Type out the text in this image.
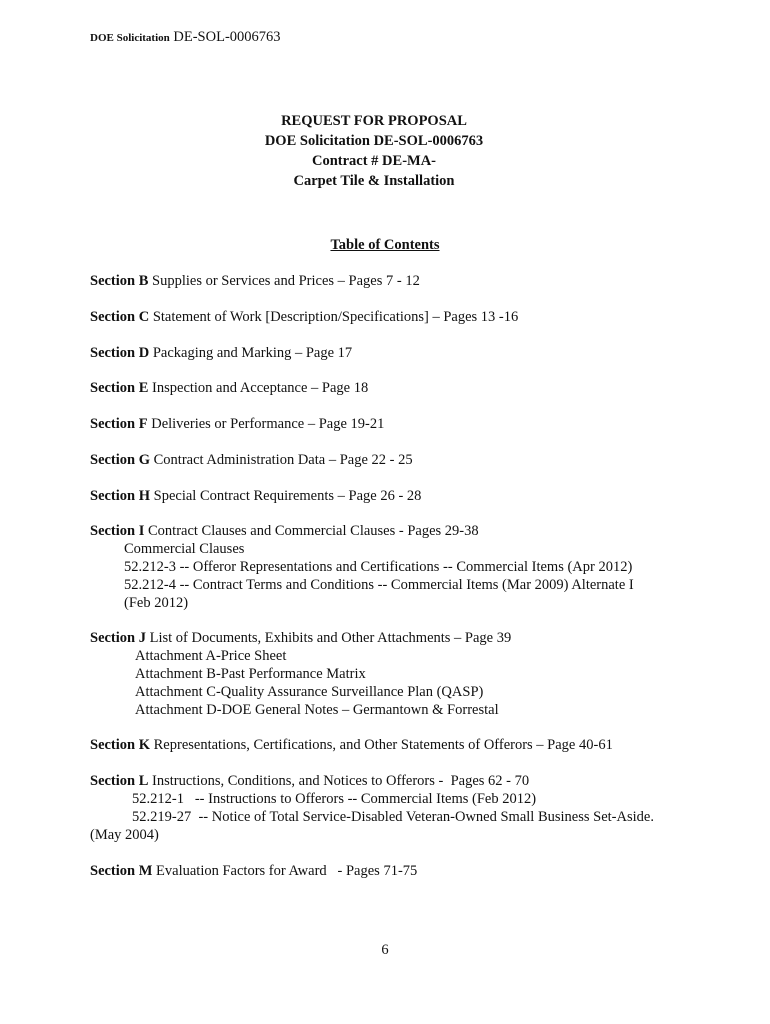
DOE Solicitation DE-SOL-0006763
REQUEST FOR PROPOSAL
DOE Solicitation DE-SOL-0006763
Contract # DE-MA-
Carpet Tile & Installation
Table of Contents
Section B Supplies or Services and Prices – Pages 7 - 12
Section C Statement of Work [Description/Specifications] – Pages 13 -16
Section D Packaging and Marking – Page 17
Section E Inspection and Acceptance – Page 18
Section F Deliveries or Performance – Page 19-21
Section G Contract Administration Data – Page 22 - 25
Section H Special Contract Requirements – Page 26 - 28
Section I Contract Clauses and Commercial Clauses - Pages 29-38
Commercial Clauses
52.212-3 -- Offeror Representations and Certifications -- Commercial Items (Apr 2012)
52.212-4 -- Contract Terms and Conditions -- Commercial Items (Mar 2009) Alternate I
(Feb 2012)
Section J List of Documents, Exhibits and Other Attachments – Page 39
Attachment A-Price Sheet
Attachment B-Past Performance Matrix
Attachment C-Quality Assurance Surveillance Plan (QASP)
Attachment D-DOE General Notes – Germantown & Forrestal
Section K Representations, Certifications, and Other Statements of Offerors – Page 40-61
Section L Instructions, Conditions, and Notices to Offerors -  Pages 62 - 70
52.212-1   -- Instructions to Offerors -- Commercial Items (Feb 2012)
52.219-27  -- Notice of Total Service-Disabled Veteran-Owned Small Business Set-Aside.
(May 2004)
Section M Evaluation Factors for Award   - Pages 71-75
6
